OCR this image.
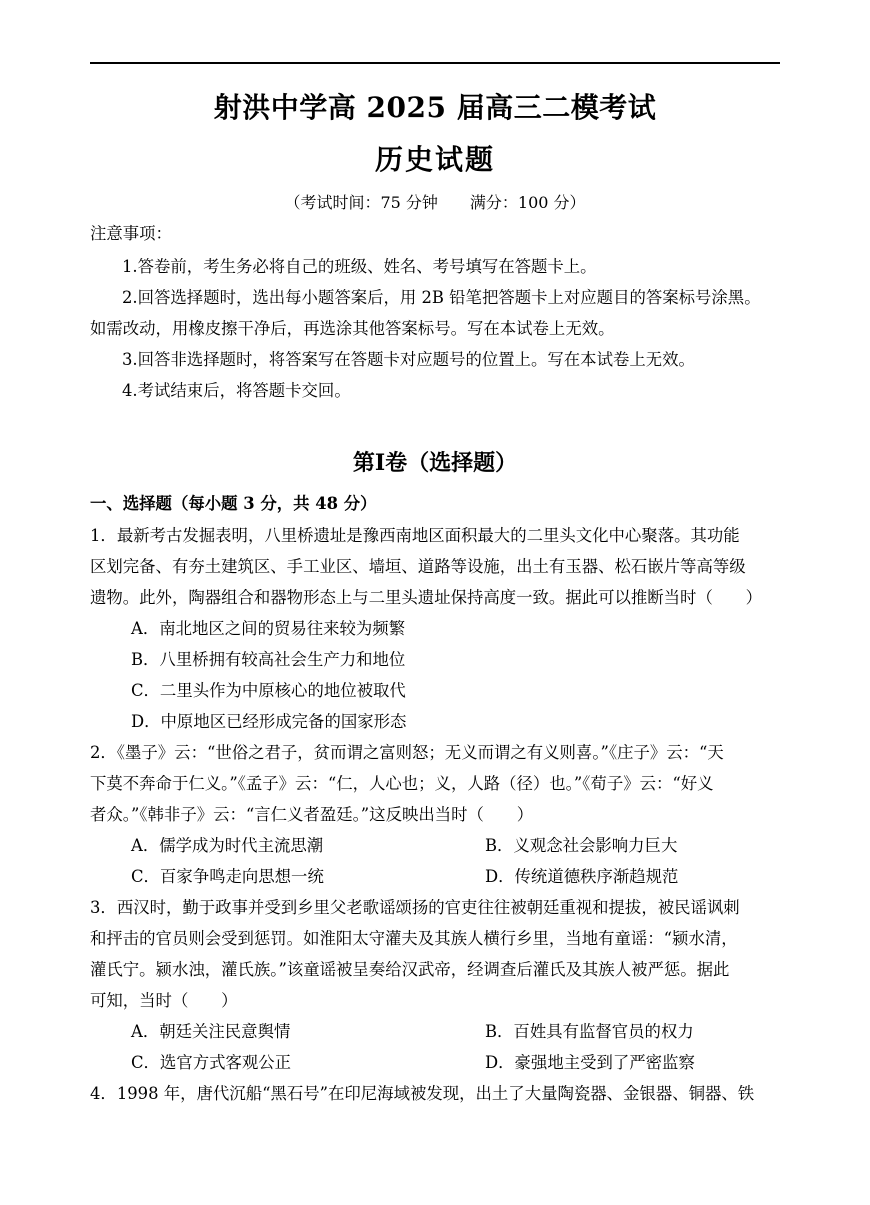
射洪中学高 2025 届高三二模考试
历史试题
（考试时间：75 分钟　　满分：100 分）
注意事项：
1.答卷前，考生务必将自己的班级、姓名、考号填写在答题卡上。
2.回答选择题时，选出每小题答案后，用 2B 铅笔把答题卡上对应题目的答案标号涂黑。
如需改动，用橡皮擦干净后，再选涂其他答案标号。写在本试卷上无效。
3.回答非选择题时，将答案写在答题卡对应题号的位置上。写在本试卷上无效。
4.考试结束后，将答题卡交回。
第Ⅰ卷（选择题）
一、选择题（每小题 3 分，共 48 分）
1．最新考古发掘表明，八里桥遗址是豫西南地区面积最大的二里头文化中心聚落。其功能
区划完备、有夯土建筑区、手工业区、墙垣、道路等设施，出土有玉器、松石嵌片等高等级
遗物。此外，陶器组合和器物形态上与二里头遗址保持高度一致。据此可以推断当时（　　）
A．南北地区之间的贸易往来较为频繁
B．八里桥拥有较高社会生产力和地位
C．二里头作为中原核心的地位被取代
D．中原地区已经形成完备的国家形态
2．《墨子》云：“世俗之君子，贫而谓之富则怒；无义而谓之有义则喜。”《庄子》云：“天
下莫不奔命于仁义。”《孟子》云：“仁，人心也；义，人路（径）也。”《荀子》云：“好义
者众。”《韩非子》云：“言仁义者盈廷。”这反映出当时（　　）
A．儒学成为时代主流思潮	B．义观念社会影响力巨大
C．百家争鸣走向思想一统	D．传统道德秩序渐趋规范
3．西汉时，勤于政事并受到乡里父老歌谣颂扬的官吏往往被朝廷重视和提拔，被民谣讽刺
和抨击的官员则会受到惩罚。如淮阳太守灌夫及其族人横行乡里，当地有童谣：“颍水清，
灌氏宁。颍水浊，灌氏族。”该童谣被呈奏给汉武帝，经调查后灌氏及其族人被严惩。据此
可知，当时（　　）
A．朝廷关注民意舆情	B．百姓具有监督官员的权力
C．选官方式客观公正	D．豪强地主受到了严密监察
4．1998 年，唐代沉船“黑石号”在印尼海域被发现，出土了大量陶瓷器、金银器、铜器、铁
